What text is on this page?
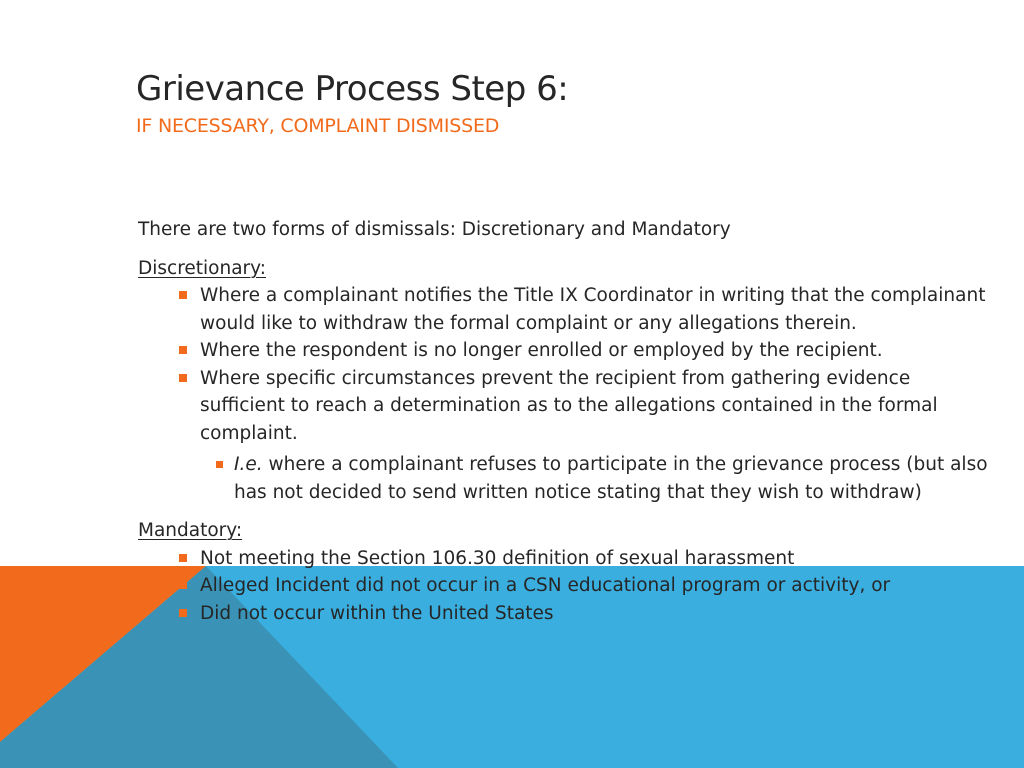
Grievance Process Step 6:
IF NECESSARY, COMPLAINT DISMISSED

There are two forms of dismissals: Discretionary and Mandatory

Discretionary:

Where a complainant notifies the Title IX Coordinator in writing that the complainant would like to withdraw the formal complaint or any allegations therein.
Where the respondent is no longer enrolled or employed by the recipient.
Where specific circumstances prevent the recipient from gathering evidence sufficient to reach a determination as to the allegations contained in the formal complaint.
I.e. where a complainant refuses to participate in the grievance process (but also has not decided to send written notice stating that they wish to withdraw)

Mandatory:

Not meeting the Section 106.30 definition of sexual harassment
Alleged Incident did not occur in a CSN educational program or activity, or
Did not occur within the United States
